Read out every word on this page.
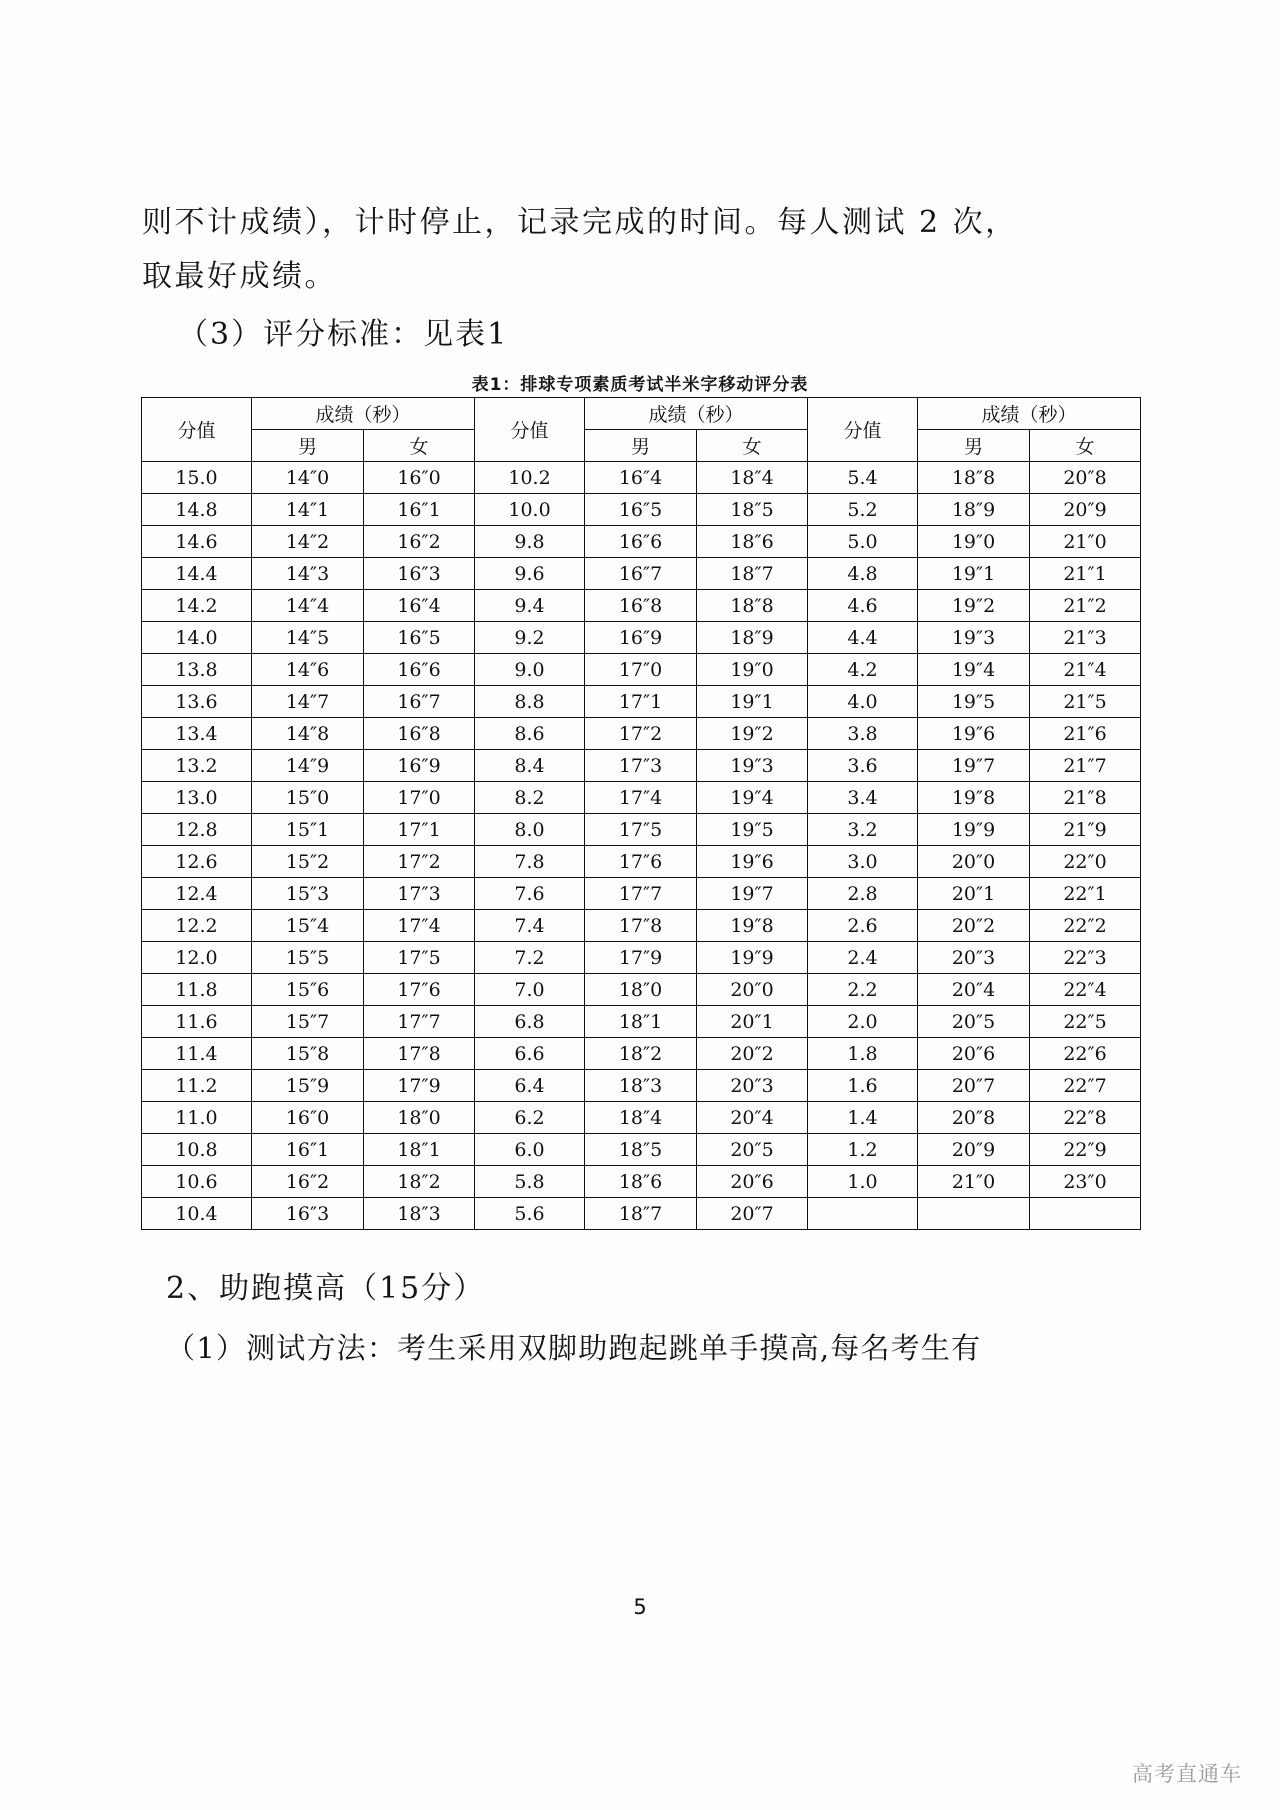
则不计成绩），计时停止，记录完成的时间。每人测试 2 次，
取最好成绩。
（3）评分标准：见表1
表1：排球专项素质考试半米字移动评分表
分值	成绩（秒）		分值	成绩（秒）		分值	成绩（秒）	
	男	女		男	女		男	女
15.0	14″0	16″0	10.2	16″4	18″4	5.4	18″8	20″8
14.8	14″1	16″1	10.0	16″5	18″5	5.2	18″9	20″9
14.6	14″2	16″2	9.8	16″6	18″6	5.0	19″0	21″0
14.4	14″3	16″3	9.6	16″7	18″7	4.8	19″1	21″1
14.2	14″4	16″4	9.4	16″8	18″8	4.6	19″2	21″2
14.0	14″5	16″5	9.2	16″9	18″9	4.4	19″3	21″3
13.8	14″6	16″6	9.0	17″0	19″0	4.2	19″4	21″4
13.6	14″7	16″7	8.8	17″1	19″1	4.0	19″5	21″5
13.4	14″8	16″8	8.6	17″2	19″2	3.8	19″6	21″6
13.2	14″9	16″9	8.4	17″3	19″3	3.6	19″7	21″7
13.0	15″0	17″0	8.2	17″4	19″4	3.4	19″8	21″8
12.8	15″1	17″1	8.0	17″5	19″5	3.2	19″9	21″9
12.6	15″2	17″2	7.8	17″6	19″6	3.0	20″0	22″0
12.4	15″3	17″3	7.6	17″7	19″7	2.8	20″1	22″1
12.2	15″4	17″4	7.4	17″8	19″8	2.6	20″2	22″2
12.0	15″5	17″5	7.2	17″9	19″9	2.4	20″3	22″3
11.8	15″6	17″6	7.0	18″0	20″0	2.2	20″4	22″4
11.6	15″7	17″7	6.8	18″1	20″1	2.0	20″5	22″5
11.4	15″8	17″8	6.6	18″2	20″2	1.8	20″6	22″6
11.2	15″9	17″9	6.4	18″3	20″3	1.6	20″7	22″7
11.0	16″0	18″0	6.2	18″4	20″4	1.4	20″8	22″8
10.8	16″1	18″1	6.0	18″5	20″5	1.2	20″9	22″9
10.6	16″2	18″2	5.8	18″6	20″6	1.0	21″0	23″0
10.4	16″3	18″3	5.6	18″7	20″7			
2、助跑摸高（15分）
（1）测试方法：考生采用双脚助跑起跳单手摸高,每名考生有
5
高考直通车
